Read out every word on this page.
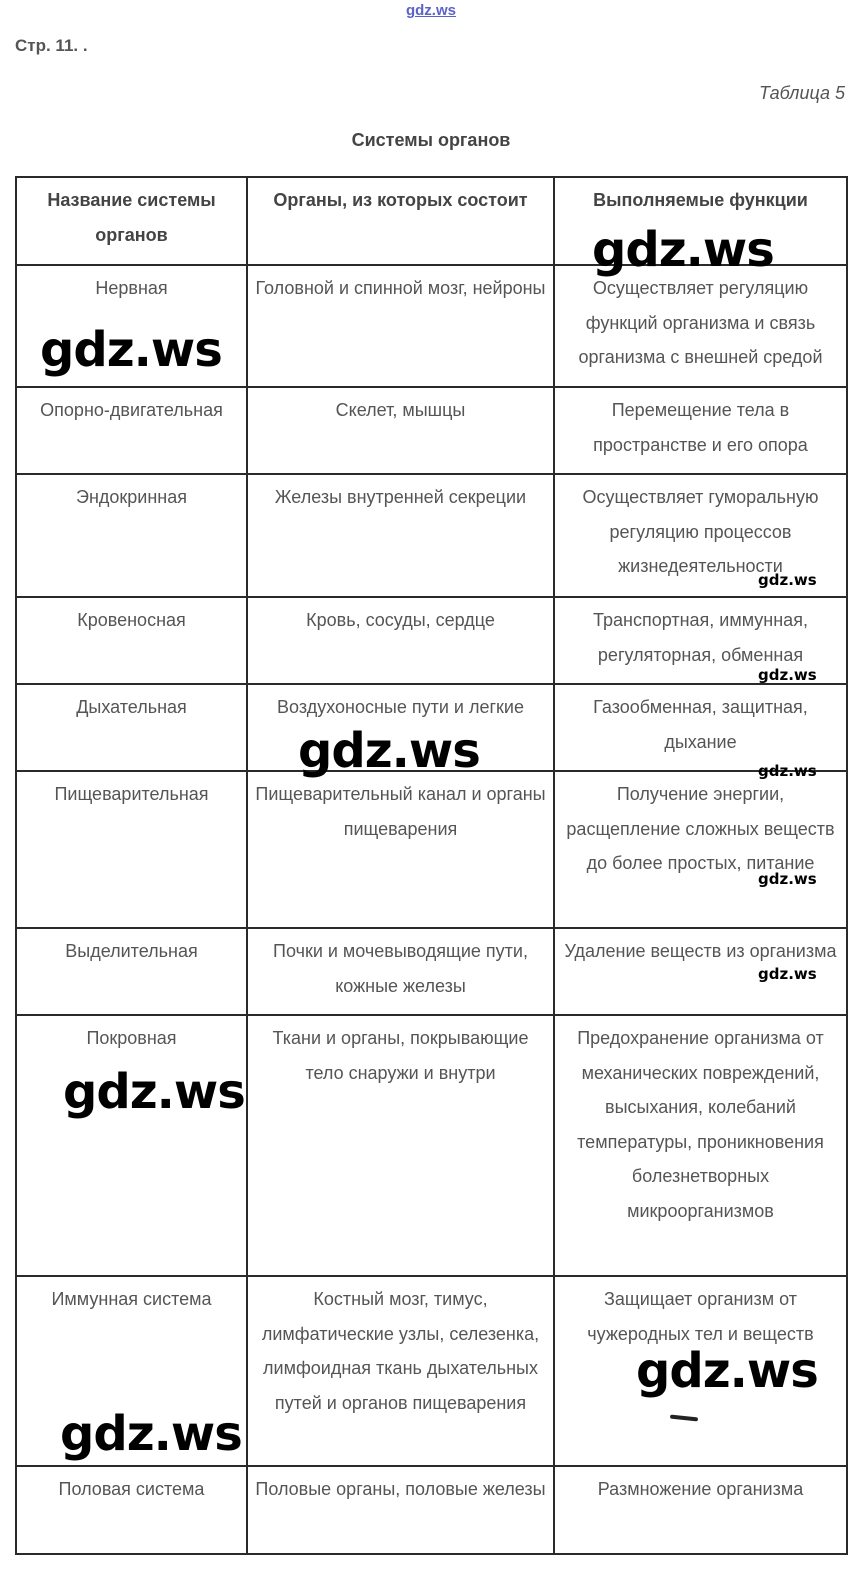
gdz.ws
Стр. 11. .
Таблица 5
Системы органов
Название системы органов	Органы, из которых состоит	Выполняемые функции
Нервная	Головной и спинной мозг, нейроны	Осуществляет регуляцию функций организма и связь организма с внешней средой
Опорно-двигательная	Скелет, мышцы	Перемещение тела в пространстве и его опора
Эндокринная	Железы внутренней секреции	Осуществляет гуморальную регуляцию процессов жизнедеятельности
Кровеносная	Кровь, сосуды, сердце	Транспортная, иммунная, регуляторная, обменная
Дыхательная	Воздухоносные пути и легкие	Газообменная, защитная, дыхание
Пищеварительная	Пищеварительный канал и органы пищеварения	Получение энергии, расщепление сложных веществ до более простых, питание
Выделительная	Почки и мочевыводящие пути, кожные железы	Удаление веществ из организма
Покровная	Ткани и органы, покрывающие тело снаружи и внутри	Предохранение организма от механических повреждений, высыхания, колебаний температуры, проникновения болезнетворных микроорганизмов
Иммунная система	Костный мозг, тимус, лимфатические узлы, селезенка, лимфоидная ткань дыхательных путей и органов пищеварения	Защищает организм от чужеродных тел и веществ
Половая система	Половые органы, половые железы	Размножение организма
gdz.ws
gdz.ws
gdz.ws
gdz.ws
gdz.ws	gdz.ws
gdz.ws
gdz.ws
gdz.ws
gdz.ws
gdz.ws
